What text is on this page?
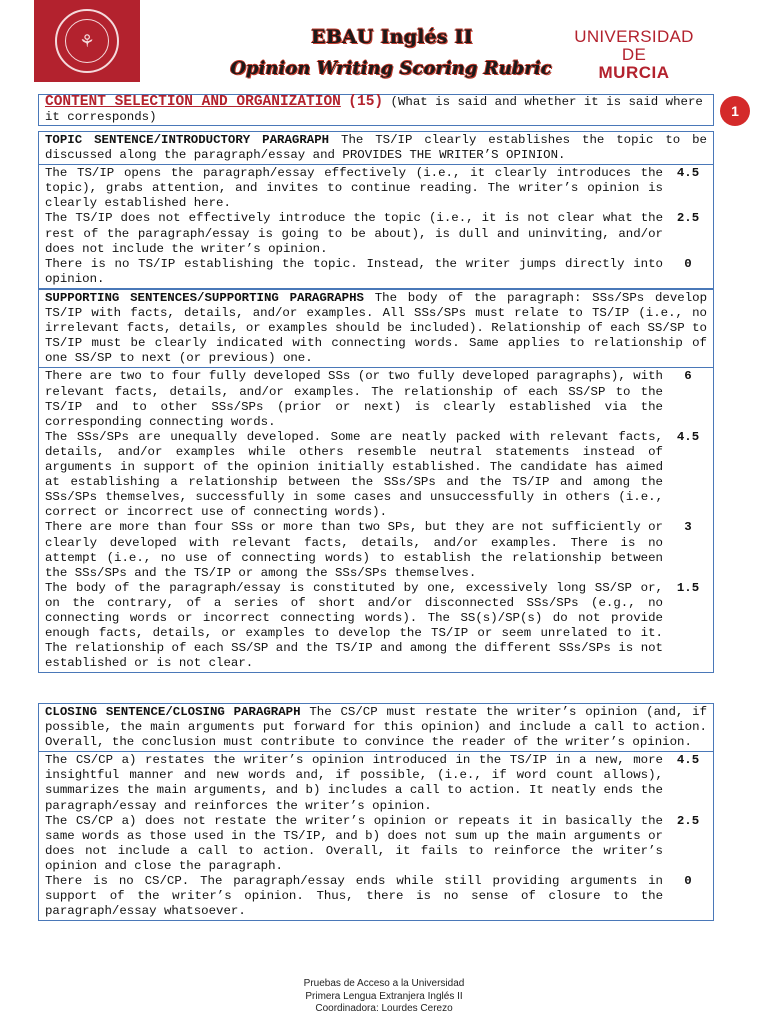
⚘	EBAU Inglés II
Opinion Writing Scoring Rubric
UNIVERSIDAD DE
MURCIA
1
CONTENT SELECTION AND ORGANIZATION (15) (What is said and whether it is said where it corresponds)
TOPIC SENTENCE/INTRODUCTORY PARAGRAPH The TS/IP clearly establishes the topic to be discussed along the paragraph/essay and PROVIDES THE WRITER’S OPINION.
The TS/IP opens the paragraph/essay effectively (i.e., it clearly introduces the topic), grabs attention, and invites to continue reading. The writer’s opinion is clearly established here.
4.5
The TS/IP does not effectively introduce the topic (i.e., it is not clear what the rest of the paragraph/essay is going to be about), is dull and uninviting, and/or does not include the writer’s opinion.
2.5
There is no TS/IP establishing the topic. Instead, the writer jumps directly into opinion.
0
SUPPORTING SENTENCES/SUPPORTING PARAGRAPHS The body of the paragraph: SSs/SPs develop TS/IP with facts, details, and/or examples. All SSs/SPs must relate to TS/IP (i.e., no irrelevant facts, details, or examples should be included). Relationship of each SS/SP to TS/IP must be clearly indicated with connecting words. Same applies to relationship of one SS/SP to next (or previous) one.
There are two to four fully developed SSs (or two fully developed paragraphs), with relevant facts, details, and/or examples. The relationship of each SS/SP to the TS/IP and to other SSs/SPs (prior or next) is clearly established via the corresponding connecting words.
6
The SSs/SPs are unequally developed. Some are neatly packed with relevant facts, details, and/or examples while others resemble neutral statements instead of arguments in support of the opinion initially established. The candidate has aimed at establishing a relationship between the SSs/SPs and the TS/IP and among the SSs/SPs themselves, successfully in some cases and unsuccessfully in others (i.e., correct or incorrect use of connecting words).
4.5
There are more than four SSs or more than two SPs, but they are not sufficiently or clearly developed with relevant facts, details, and/or examples. There is no attempt (i.e., no use of connecting words) to establish the relationship between the SSs/SPs and the TS/IP or among the SSs/SPs themselves.
3
The body of the paragraph/essay is constituted by one, excessively long SS/SP or, on the contrary, of a series of short and/or disconnected SSs/SPs (e.g., no connecting words or incorrect connecting words). The SS(s)/SP(s) do not provide enough facts, details, or examples to develop the TS/IP or seem unrelated to it. The relationship of each SS/SP and the TS/IP and among the different SSs/SPs is not established or is not clear.
1.5
CLOSING SENTENCE/CLOSING PARAGRAPH The CS/CP must restate the writer’s opinion (and, if possible, the main arguments put forward for this opinion) and include a call to action. Overall, the conclusion must contribute to convince the reader of the writer’s opinion.
The CS/CP a) restates the writer’s opinion introduced in the TS/IP in a new, more insightful manner and new words and, if possible, (i.e., if word count allows), summarizes the main arguments, and b) includes a call to action. It neatly ends the paragraph/essay and reinforces the writer’s opinion.
4.5
The CS/CP a) does not restate the writer’s opinion or repeats it in basically the same words as those used in the TS/IP, and b) does not sum up the main arguments or does not include a call to action. Overall, it fails to reinforce the writer’s opinion and close the paragraph.
2.5
There is no CS/CP. The paragraph/essay ends while still providing arguments in support of the writer’s opinion. Thus, there is no sense of closure to the paragraph/essay whatsoever.
0

Pruebas de Acceso a la Universidad
Primera Lengua Extranjera Inglés II
Coordinadora: Lourdes Cerezo
